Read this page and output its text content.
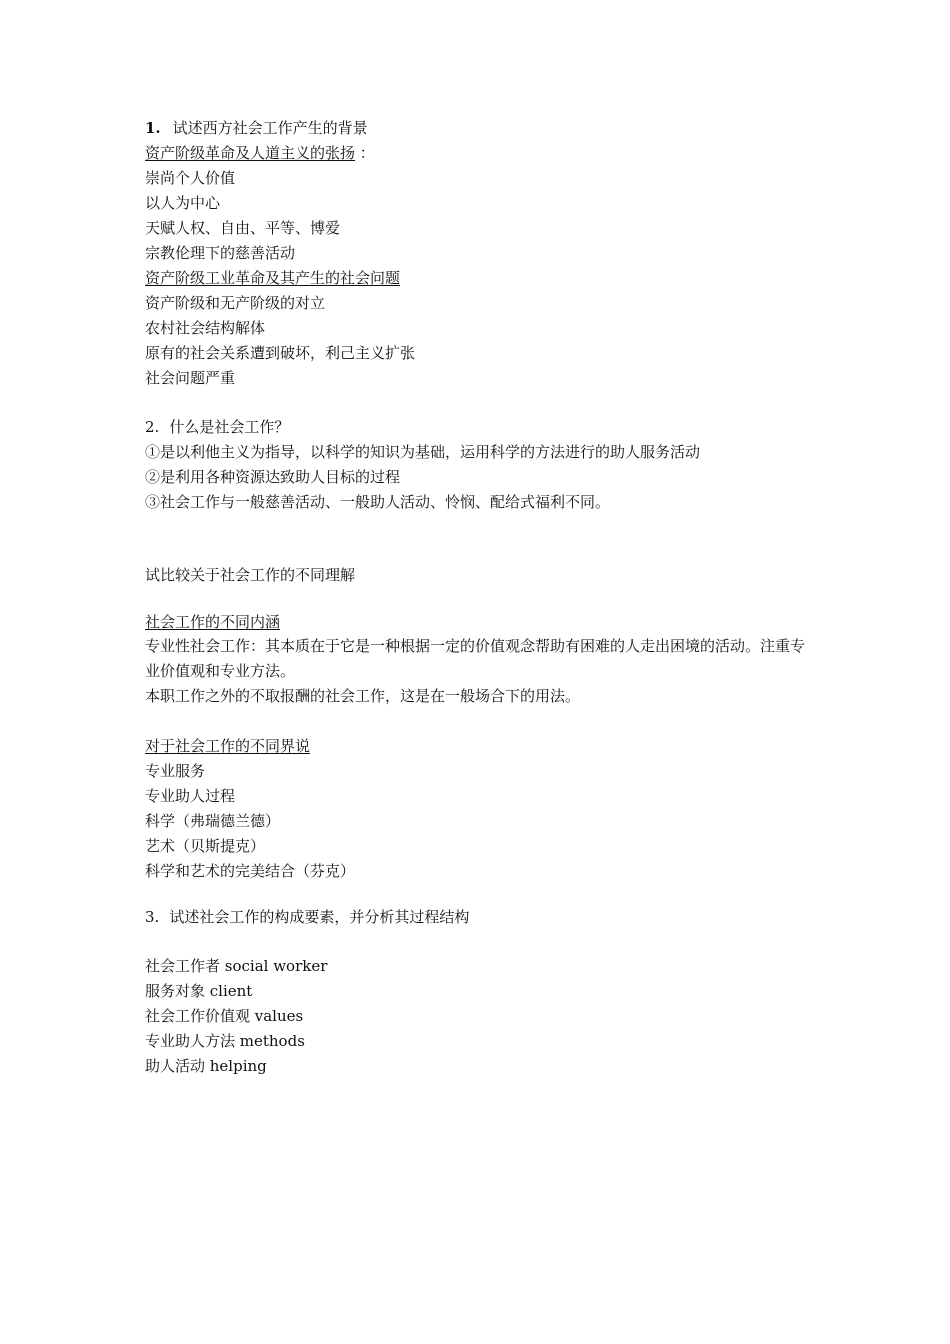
1. 试述西方社会工作产生的背景
资产阶级革命及人道主义的张扬 ：
崇尚个人价值
以人为中心
天赋人权、自由、平等、博爱
宗教伦理下的慈善活动
资产阶级工业革命及其产生的社会问题
资产阶级和无产阶级的对立
农村社会结构解体
原有的社会关系遭到破坏，利己主义扩张
社会问题严重
2. 什么是社会工作？
①是以利他主义为指导，以科学的知识为基础，运用科学的方法进行的助人服务活动
②是利用各种资源达致助人目标的过程
③社会工作与一般慈善活动、一般助人活动、怜悯、配给式福利不同。
试比较关于社会工作的不同理解
社会工作的不同内涵
专业性社会工作：其本质在于它是一种根据一定的价值观念帮助有困难的人走出困境的活动。注重专业价值观和专业方法。
本职工作之外的不取报酬的社会工作，这是在一般场合下的用法。
对于社会工作的不同界说
专业服务
专业助人过程
科学（弗瑞德兰德）
艺术（贝斯提克）
科学和艺术的完美结合（芬克）
3. 试述社会工作的构成要素，并分析其过程结构
社会工作者 social worker
服务对象 client
社会工作价值观 values
专业助人方法 methods
助人活动 helping
